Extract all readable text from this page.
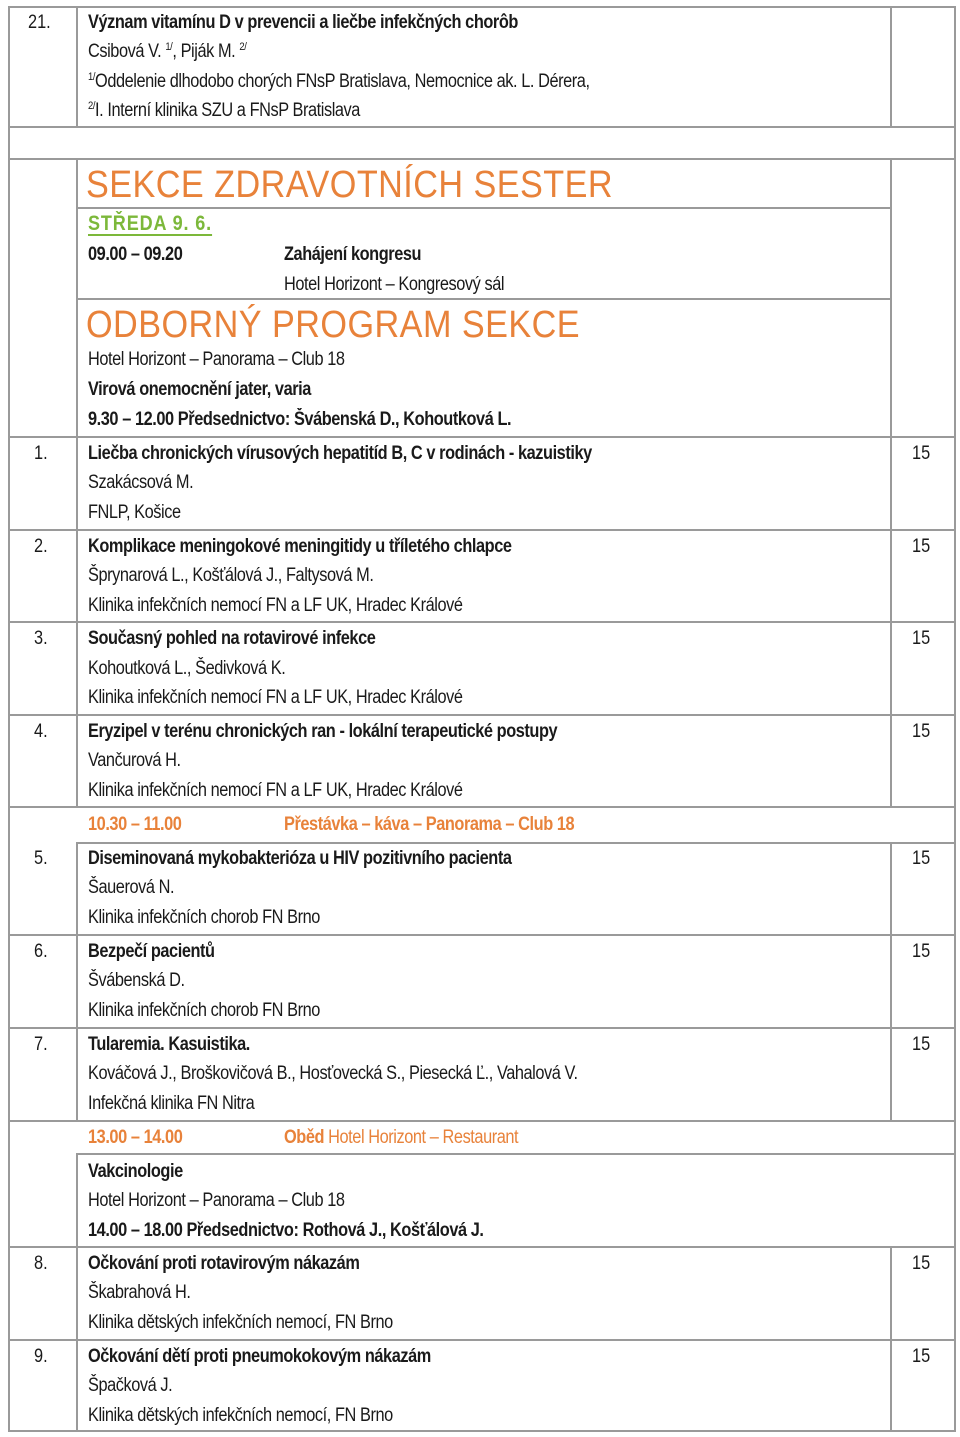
21. Význam vitamínu D v prevencii a liečbe infekčných chorôb
Csibová V. $^{1/}$, Piják M. $^{2/}$
$^{1/}$Oddelenie dlhodobo chorých FNsP Bratislava, Nemocnice ak. L. Dérera,
$^{2/}$I. Interní klinika SZU a FNsP Bratislava
SEKCE ZDRAVOTNÍCH SESTER
STŘEDA 9. 6.
09.00 – 09.20	Zahájení kongresu
Hotel Horizont – Kongresový sál
ODBORNÝ PROGRAM SEKCE
Hotel Horizont – Panorama – Club 18
Virová onemocnění jater, varia
9.30 – 12.00 Předsednictvo: Švábenská D., Kohoutková L.
1. Liečba chronických vírusových hepatitíd B, C v rodinách - kazuistiky
Szakácsová M.
FNLP, Košice
15
2. Komplikace meningokové meningitidy u tříletého chlapce
Šprynarová L., Košťálová J., Faltysová M.
Klinika infekčních nemocí FN a LF UK, Hradec Králové
15
3. Současný pohled na rotavirové infekce
Kohoutková L., Šedivková K.
Klinika infekčních nemocí FN a LF UK, Hradec Králové
15
4. Eryzipel v terénu chronických ran - lokální terapeutické postupy
Vančurová H.
Klinika infekčních nemocí FN a LF UK, Hradec Králové
15
10.30 – 11.00	Přestávka – káva – Panorama – Club 18
5. Diseminovaná mykobakterióza u HIV pozitivního pacienta
Šauerová N.
Klinika infekčních chorob FN Brno
15
6. Bezpečí pacientů
Švábenská D.
Klinika infekčních chorob FN Brno
15
7. Tularemia. Kasuistika.
Kováčová J., Broškovičová B., Hosťovecká S., Piesecká Ľ., Vahalová V.
Infekčná klinika FN Nitra
15
13.00 – 14.00	Oběd Hotel Horizont – Restaurant
Vakcinologie
Hotel Horizont – Panorama – Club 18
14.00 – 18.00 Předsednictvo: Rothová J., Košťálová J.
8. Očkování proti rotavirovým nákazám
Škabrahová H.
Klinika dětských infekčních nemocí, FN Brno
15
9. Očkování dětí proti pneumokokovým nákazám
Špačková J.
Klinika dětských infekčních nemocí, FN Brno
15
